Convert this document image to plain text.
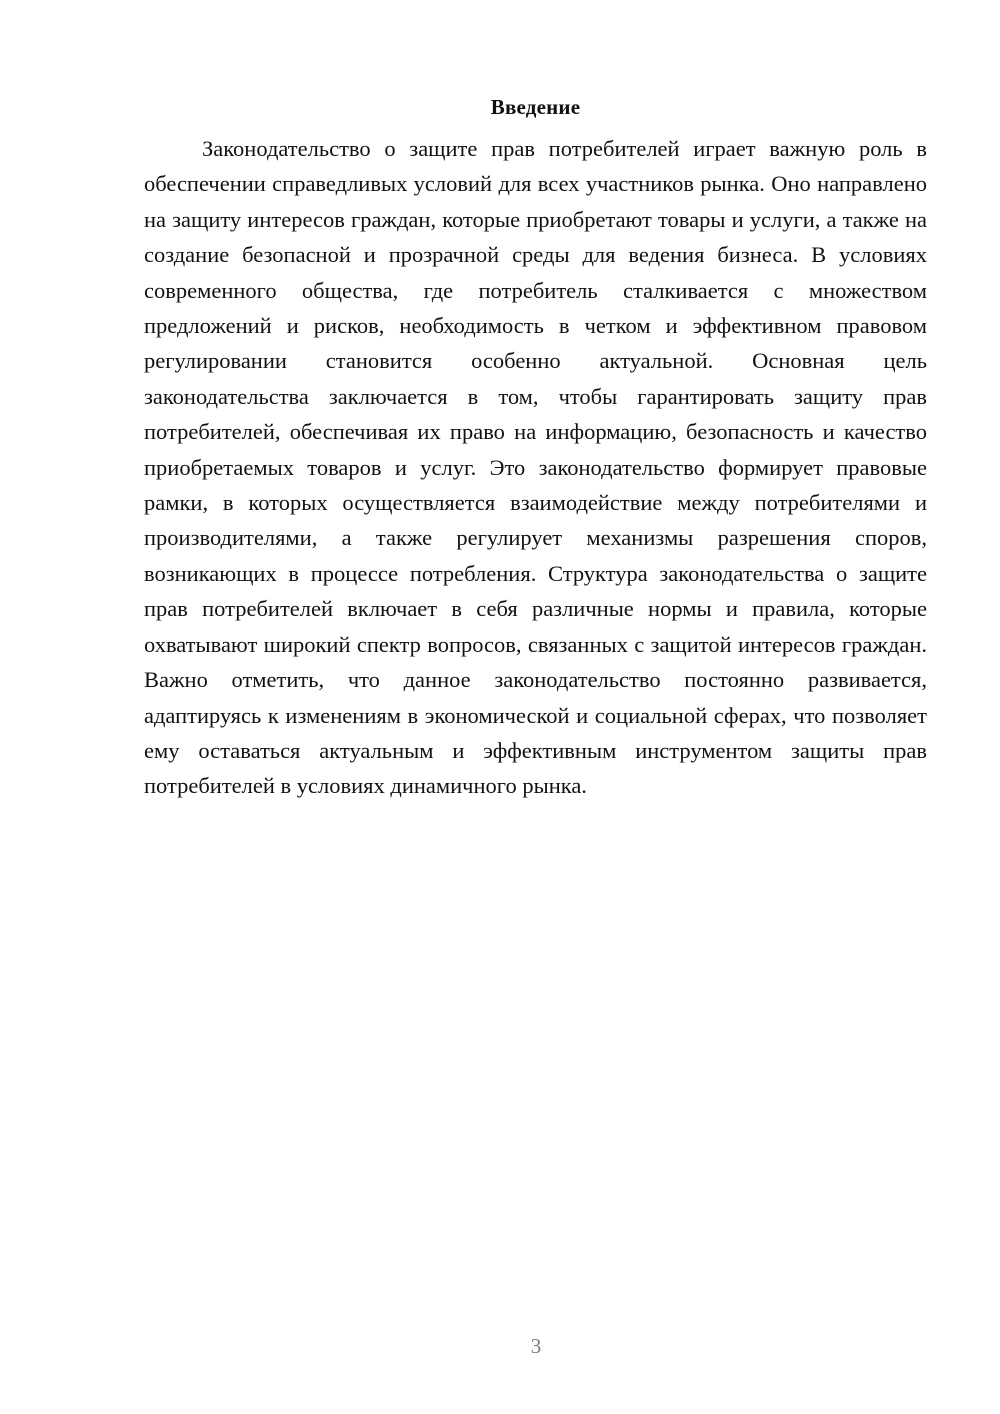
Введение

Законодательство о защите прав потребителей играет важную роль в обеспечении справедливых условий для всех участников рынка. Оно направлено на защиту интересов граждан, которые приобретают товары и услуги, а также на создание безопасной и прозрачной среды для ведения бизнеса. В условиях современного общества, где потребитель сталкивается с множеством предложений и рисков, необходимость в четком и эффективном правовом регулировании становится особенно актуальной. Основная цель законодательства заключается в том, чтобы гарантировать защиту прав потребителей, обеспечивая их право на информацию, безопасность и качество приобретаемых товаров и услуг. Это законодательство формирует правовые рамки, в которых осуществляется взаимодействие между потребителями и производителями, а также регулирует механизмы разрешения споров, возникающих в процессе потребления. Структура законодательства о защите прав потребителей включает в себя различные нормы и правила, которые охватывают широкий спектр вопросов, связанных с защитой интересов граждан. Важно отметить, что данное законодательство постоянно развивается, адаптируясь к изменениям в экономической и социальной сферах, что позволяет ему оставаться актуальным и эффективным инструментом защиты прав потребителей в условиях динамичного рынка.

3
